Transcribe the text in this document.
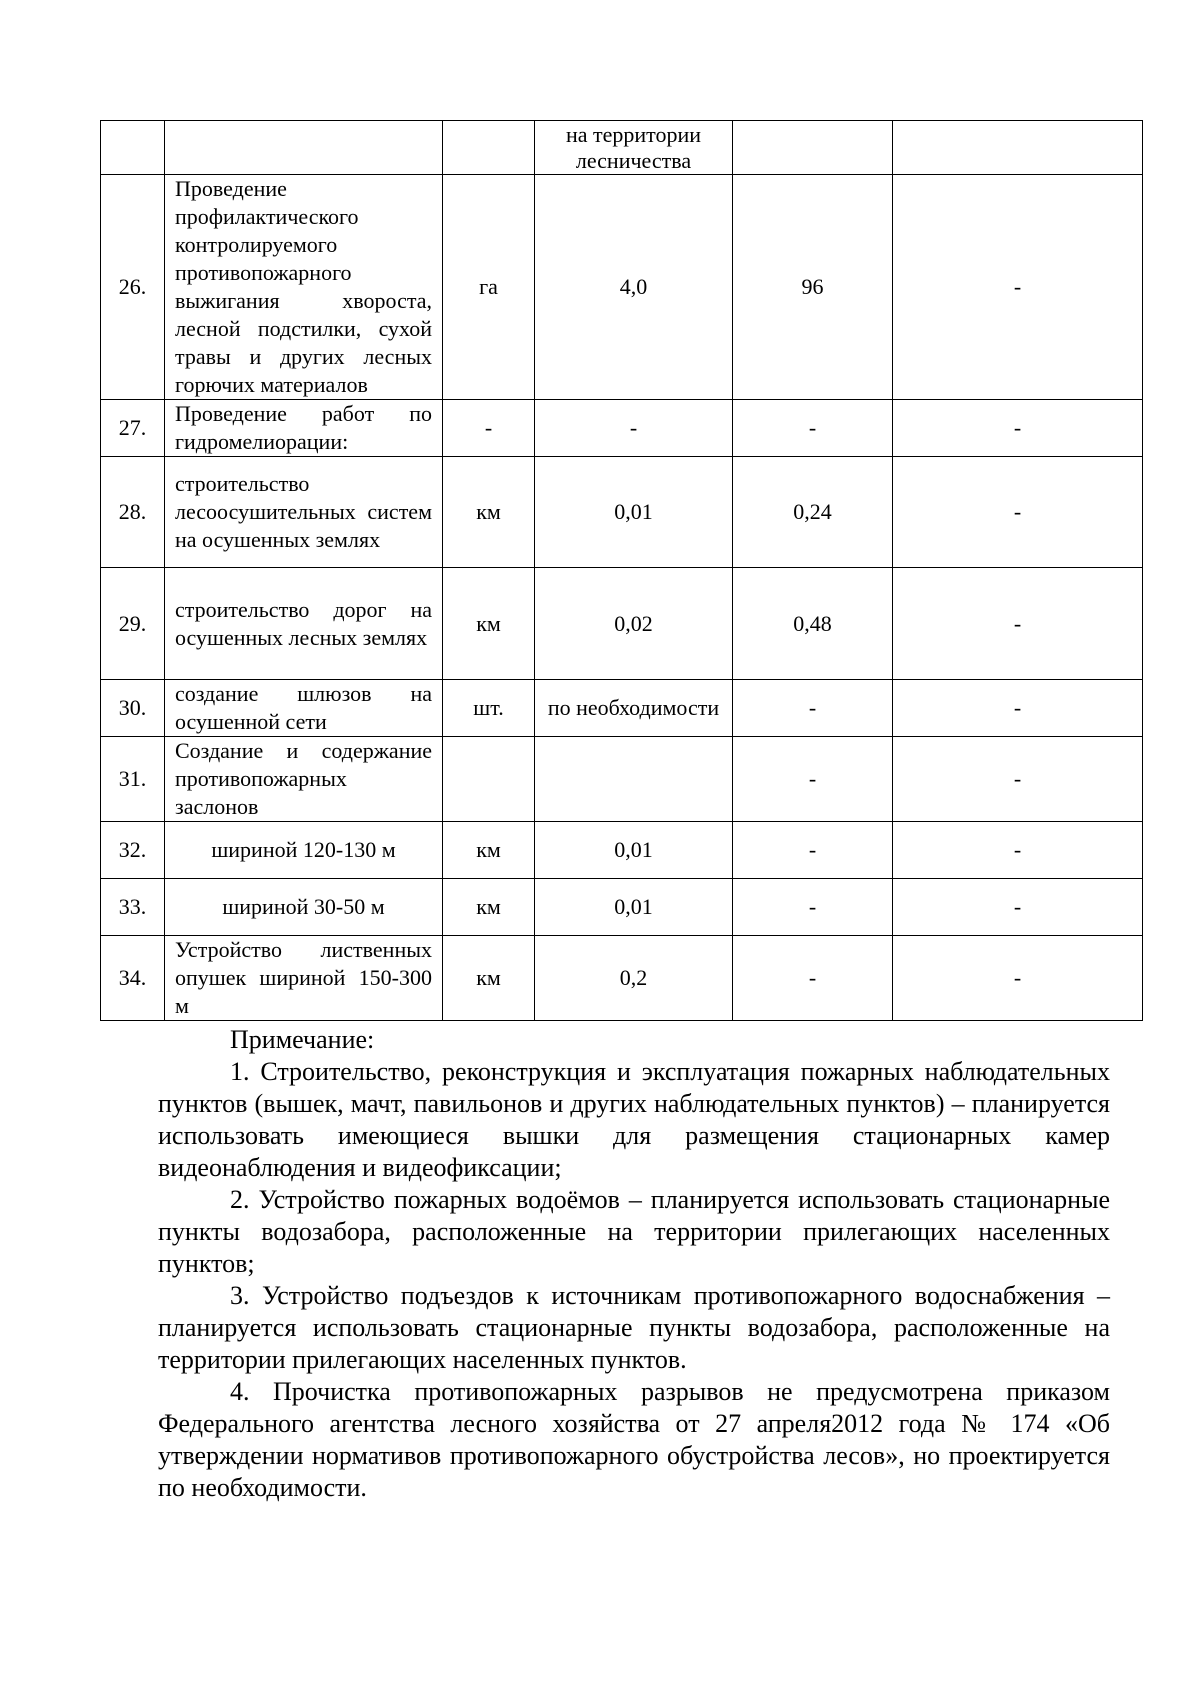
			на территории лесничества		
26.	Проведение профилактического контролируемого противопожарного выжигания хвороста, лесной подстилки, сухой травы и других лесных горючих материалов	га	4,0	96	-
27.	Проведение работ по гидромелиорации:	-	-	-	-
28.	строительство лесоосушительных систем на осушенных землях	км	0,01	0,24	-
29.	строительство дорог на осушенных лесных землях	км	0,02	0,48	-
30.	создание шлюзов на осушенной сети	шт.	по необходимости	-	-
31.	Создание и содержание противопожарных заслонов			-	-
32.	шириной 120-130 м	км	0,01	-	-
33.	шириной 30-50 м	км	0,01	-	-
34.	Устройство лиственных опушек шириной 150-300 м	км	0,2	-	-
Примечание:

1. Строительство, реконструкция и эксплуатация пожарных наблюдательных пунктов (вышек, мачт, павильонов и других наблюдательных пунктов) – планируется использовать имеющиеся вышки для размещения стационарных камер видеонаблюдения и видеофиксации;

2. Устройство пожарных водоёмов – планируется использовать стационарные пункты водозабора, расположенные на территории прилегающих населенных пунктов;

3. Устройство подъездов к источникам противопожарного водоснабжения – планируется использовать стационарные пункты водозабора, расположенные на территории прилегающих населенных пунктов.

4. Прочистка противопожарных разрывов не предусмотрена приказом Федерального агентства лесного хозяйства от 27 апреля2012 года № 174 «Об утверждении нормативов противопожарного обустройства лесов», но проектируется по необходимости.
